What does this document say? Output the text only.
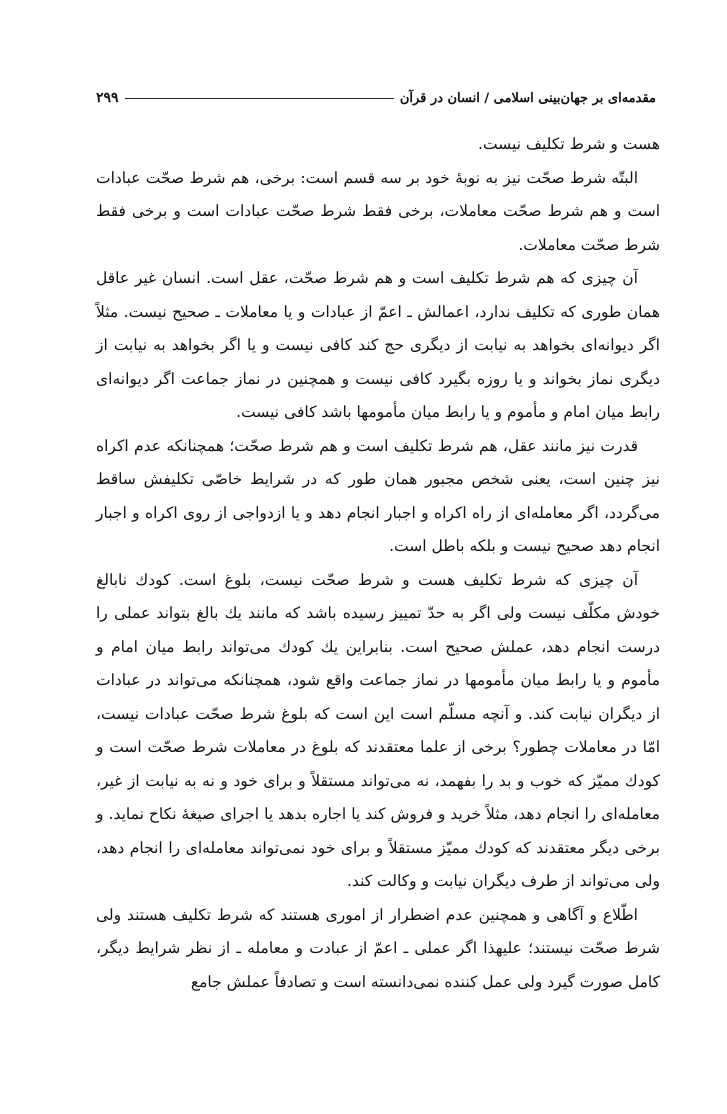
مقدمه‌ای بر جهان‌بینی اسلامی / انسان در قرآن
۲۹۹

هست و شرط تکلیف نیست.

البتّه شرط صحّت نیز به نوبهٔ خود بر سه قسم است: برخی، هم شرط صحّت عبادات است و هم شرط صحّت معاملات، برخی فقط شرط صحّت عبادات است و برخی فقط شرط صحّت معاملات.

آن چیزی که هم شرط تکلیف است و هم شرط صحّت، عقل است. انسان غیر عاقل همان طوری که تکلیف ندارد، اعمالش ـ اعمّ از عبادات و یا معاملات ـ صحیح نیست. مثلاً اگر دیوانه‌ای بخواهد به نیابت از دیگری حج کند کافی نیست و یا اگر بخواهد به نیابت از دیگری نماز بخواند و یا روزه بگیرد کافی نیست و همچنین در نماز جماعت اگر دیوانه‌ای رابط میان امام و مأموم و یا رابط میان مأمومها باشد کافی نیست.

قدرت نیز مانند عقل، هم شرط تکلیف است و هم شرط صحّت؛ همچنانکه عدم اکراه نیز چنین است، یعنی شخص مجبور همان طور که در شرایط خاصّی تکلیفش ساقط می‌گردد، اگر معامله‌ای از راه اکراه و اجبار انجام دهد و یا ازدواجی از روی اکراه و اجبار انجام دهد صحیح نیست و بلکه باطل است.

آن چیزی که شرط تکلیف هست و شرط صحّت نیست، بلوغ است. کودك نابالغ خودش مکلّف نیست ولی اگر به حدّ تمییز رسیده باشد که مانند یك بالغ بتواند عملی را درست انجام دهد، عملش صحیح است. بنابراین یك کودك می‌تواند رابط میان امام و مأموم و یا رابط میان مأمومها در نماز جماعت واقع شود، همچنانکه می‌تواند در عبادات از دیگران نیابت کند. و آنچه مسلّم است این است که بلوغ شرط صحّت عبادات نیست، امّا در معاملات چطور؟ برخی از علما معتقدند که بلوغ در معاملات شرط صحّت است و کودك ممیّز که خوب و بد را بفهمد، نه می‌تواند مستقلاً و برای خود و نه به نیابت از غیر، معامله‌ای را انجام دهد، مثلاً خرید و فروش کند یا اجاره بدهد یا اجرای صیغهٔ نکاح نماید. و برخی دیگر معتقدند که کودك ممیّز مستقلاً و برای خود نمی‌تواند معامله‌ای را انجام دهد، ولی می‌تواند از طرف دیگران نیابت و وکالت کند.

اطّلاع و آگاهی و همچنین عدم اضطرار از اموری هستند که شرط تکلیف هستند ولی شرط صحّت نیستند؛ علیهذا اگر عملی ـ اعمّ از عبادت و معامله ـ از نظر شرایط دیگر، کامل صورت گیرد ولی عمل کننده نمی‌دانسته است و تصادفاً عملش جامع
